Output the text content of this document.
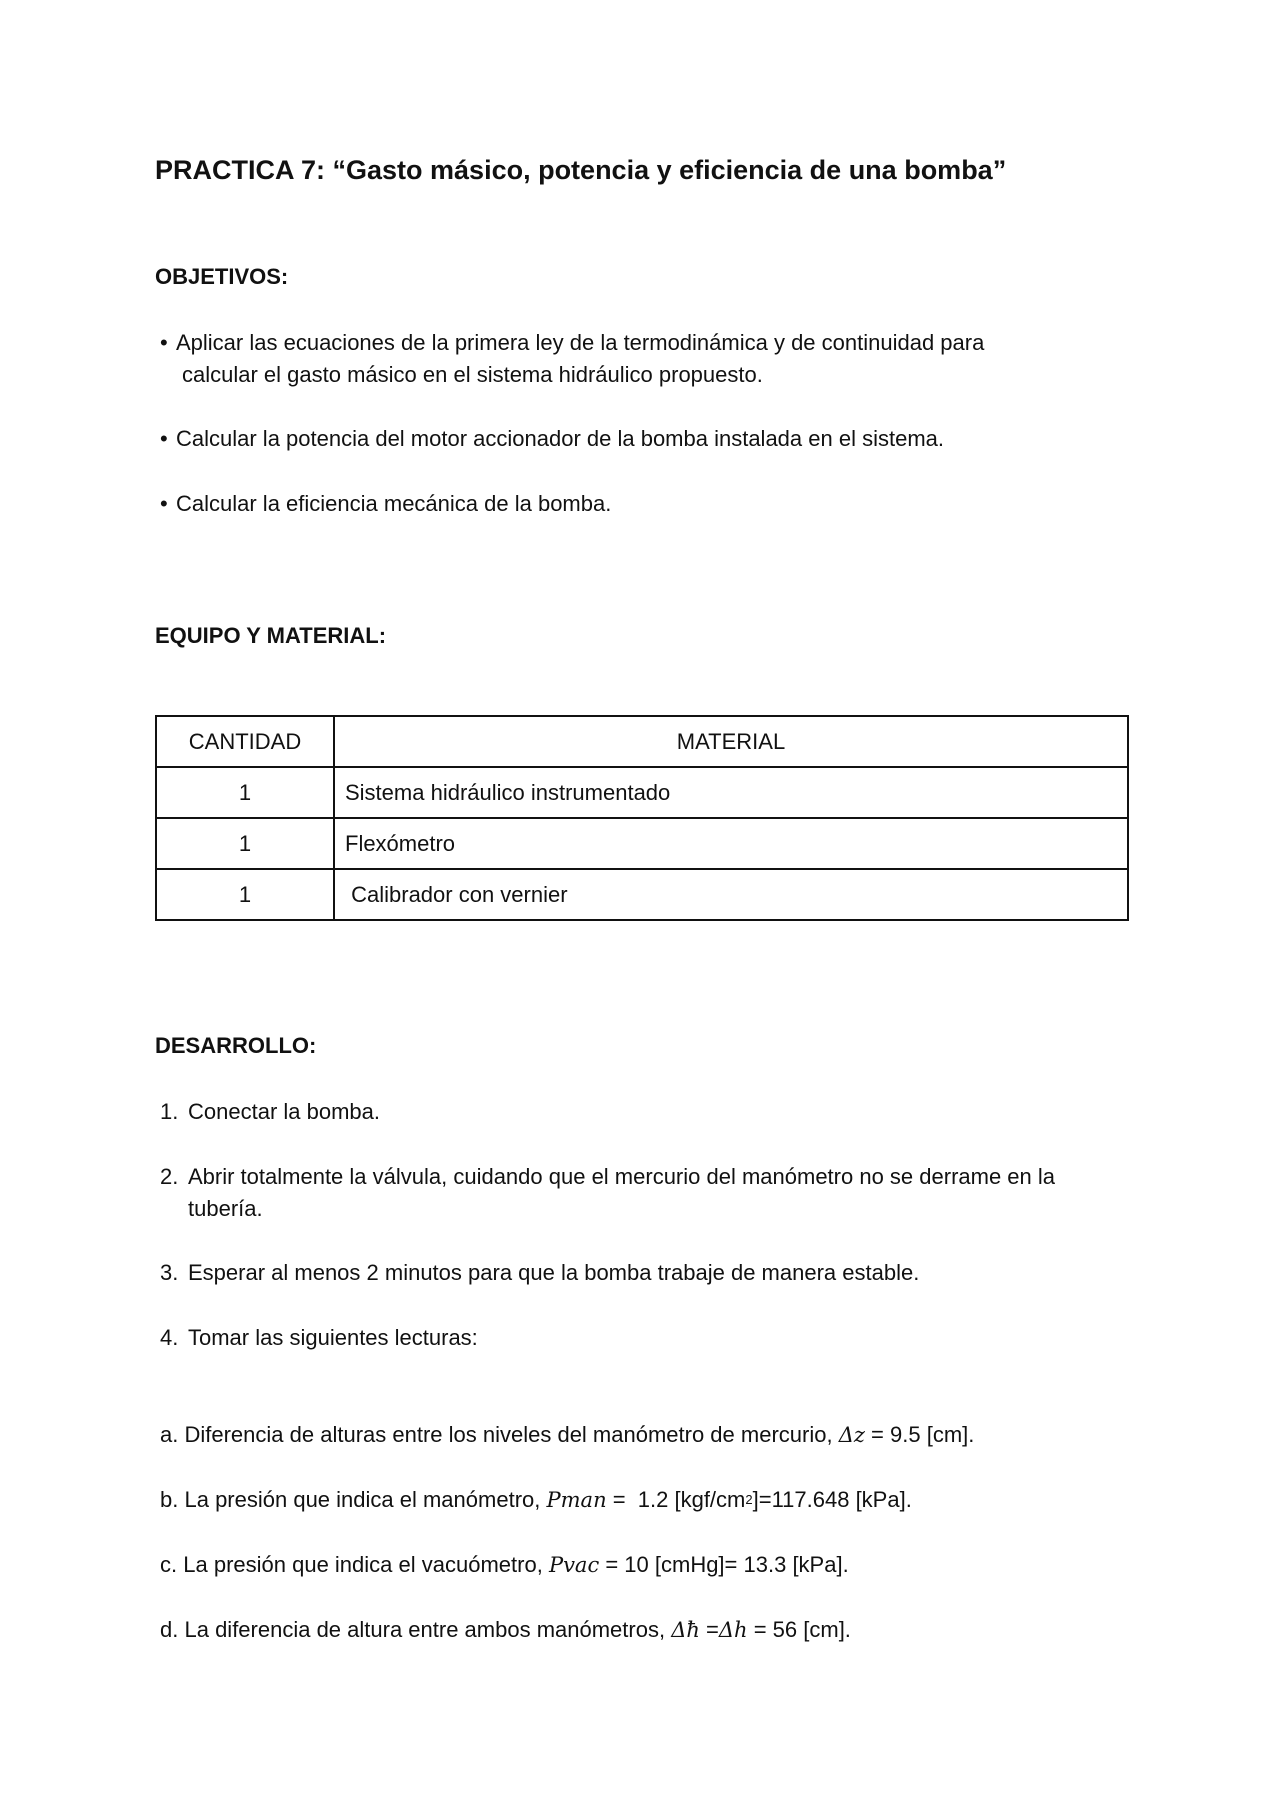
PRACTICA 7: “Gasto másico, potencia y eficiencia de una bomba”
OBJETIVOS:
• Aplicar las ecuaciones de la primera ley de la termodinámica y de continuidad para
calcular el gasto másico en el sistema hidráulico propuesto.
• Calcular la potencia del motor accionador de la bomba instalada en el sistema.
• Calcular la eficiencia mecánica de la bomba.
EQUIPO Y MATERIAL:
CANTIDAD	MATERIAL
1	Sistema hidráulico instrumentado
1	Flexómetro
1	Calibrador con vernier
DESARROLLO:
1. Conectar la bomba.
2. Abrir totalmente la válvula, cuidando que el mercurio del manómetro no se derrame en la
tubería.
3. Esperar al menos 2 minutos para que la bomba trabaje de manera estable.
4. Tomar las siguientes lecturas:
a. Diferencia de alturas entre los niveles del manómetro de mercurio, Δz = 9.5 [cm].
b. La presión que indica el manómetro, Pman =  1.2 $[kgf/cm^2]=117.648$ [kPa].
c. La presión que indica el vacuómetro, Pvac = 10 [cmHg]= 13.3 [kPa].
d. La diferencia de altura entre ambos manómetros, Δħ =Δh = 56 [cm].
